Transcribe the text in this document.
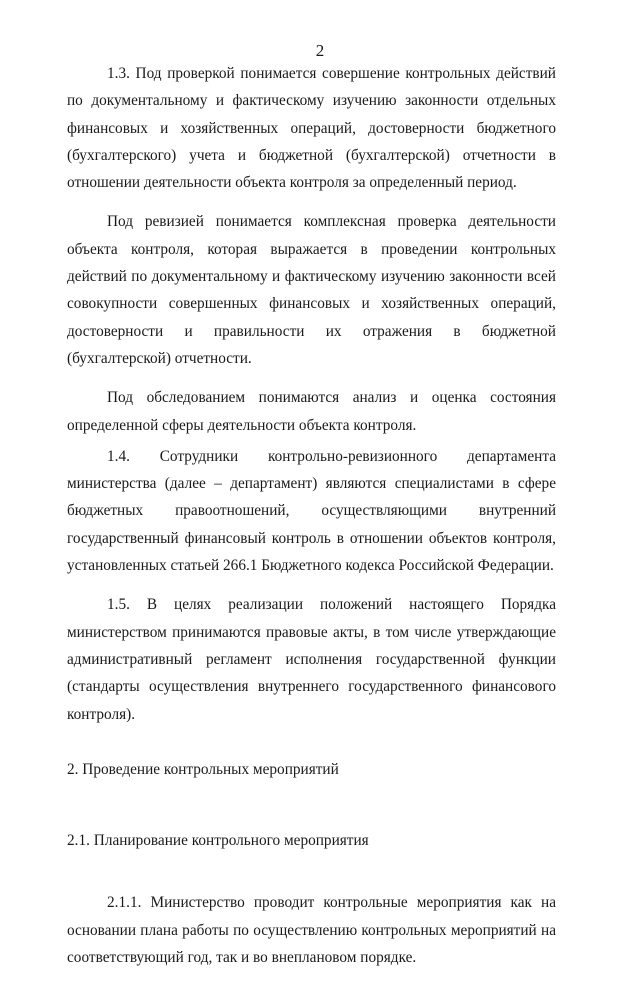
2

1.3. Под проверкой понимается совершение контрольных действий по документальному и фактическому изучению законности отдельных финансовых и хозяйственных операций, достоверности бюджетного (бухгалтерского) учета и бюджетной (бухгалтерской) отчетности в отношении деятельности объекта контроля за определенный период.

Под ревизией понимается комплексная проверка деятельности объекта контроля, которая выражается в проведении контрольных действий по документальному и фактическому изучению законности всей совокупности совершенных финансовых и хозяйственных операций, достоверности и правильности их отражения в бюджетной (бухгалтерской) отчетности.

Под обследованием понимаются анализ и оценка состояния определенной сферы деятельности объекта контроля.

1.4. Сотрудники контрольно-ревизионного департамента министерства (далее – департамент) являются специалистами в сфере бюджетных правоотношений, осуществляющими внутренний государственный финансовый контроль в отношении объектов контроля, установленных статьей 266.1 Бюджетного кодекса Российской Федерации.

1.5. В целях реализации положений настоящего Порядка министерством принимаются правовые акты, в том числе утверждающие административный регламент исполнения государственной функции (стандарты осуществления внутреннего государственного финансового контроля).

2. Проведение контрольных мероприятий

2.1. Планирование контрольного мероприятия

2.1.1. Министерство проводит контрольные мероприятия как на основании плана работы по осуществлению контрольных мероприятий на соответствующий год, так и во внеплановом порядке.
